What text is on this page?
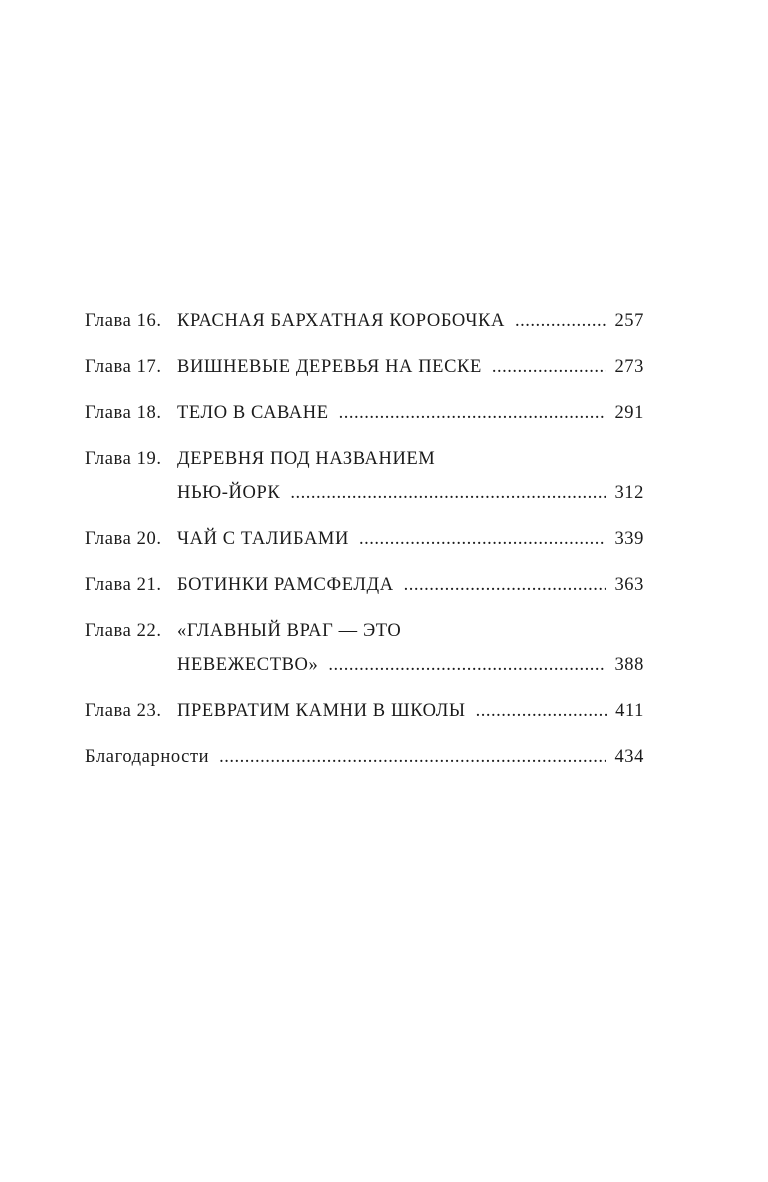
Глава 16. КРАСНАЯ БАРХАТНАЯ КОРОБОЧКА .....	257
Глава 17. ВИШНЕВЫЕ ДЕРЕВЬЯ НА ПЕСКЕ .....	273
Глава 18. ТЕЛО В САВАНЕ .....	291
Глава 19. ДЕРЕВНЯ ПОД НАЗВАНИЕМ
НЬЮ-ЙОРК .....	312
Глава 20. ЧАЙ С ТАЛИБАМИ .....	339
Глава 21. БОТИНКИ РАМСФЕЛДА .....	363
Глава 22. «ГЛАВНЫЙ ВРАГ — ЭТО
НЕВЕЖЕСТВО» .....	388
Глава 23. ПРЕВРАТИМ КАМНИ В ШКОЛЫ .....	411
Благодарности .....	434
